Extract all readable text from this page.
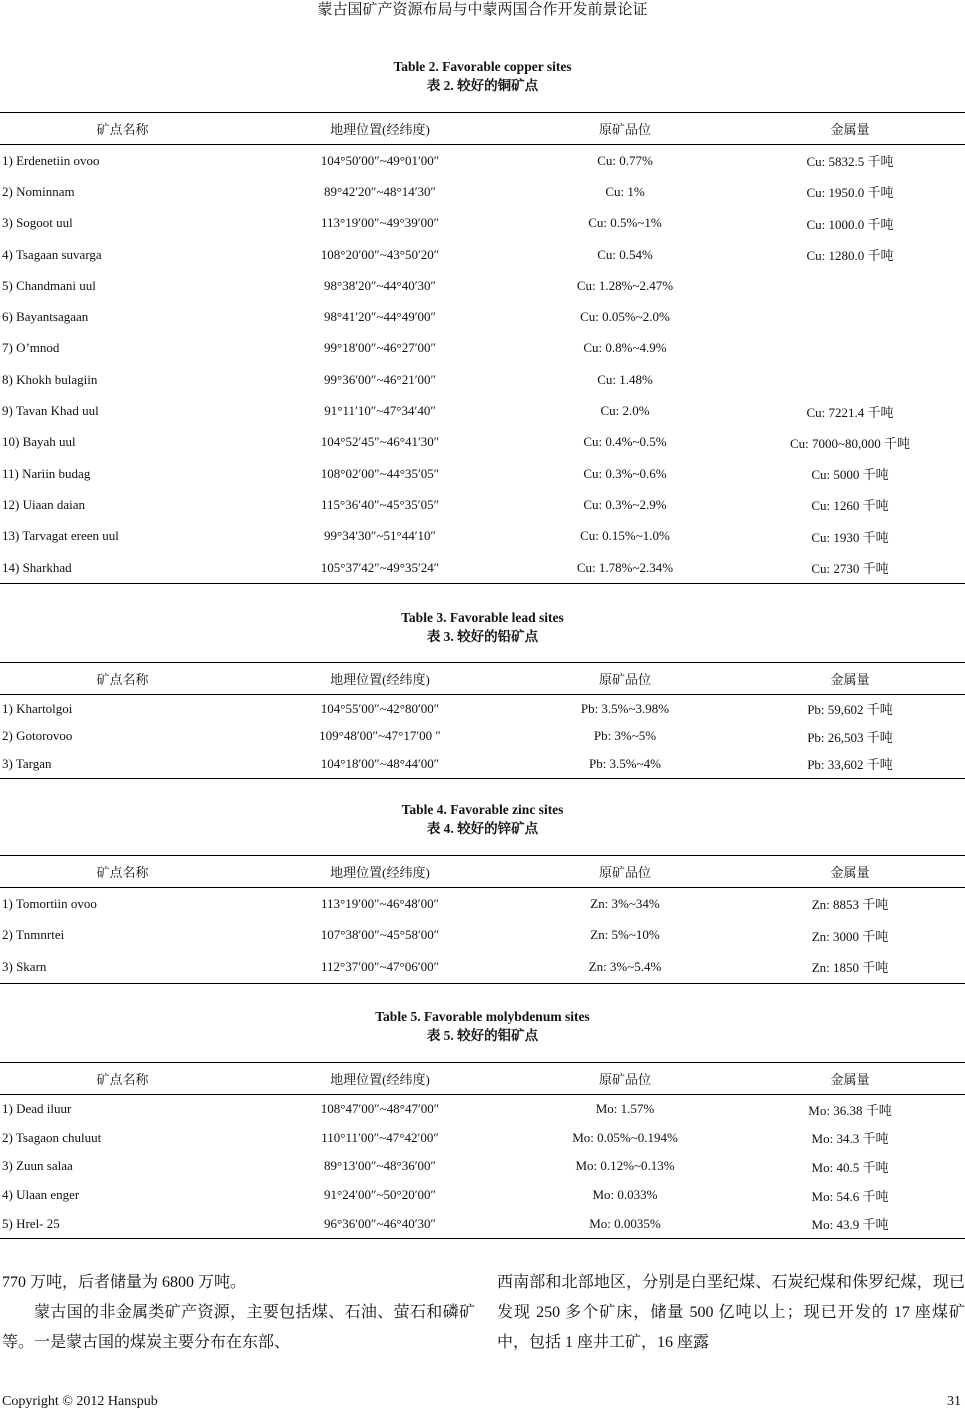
蒙古国矿产资源布局与中蒙两国合作开发前景论证
Table 2. Favorable copper sites
表 2. 较好的铜矿点
矿点名称	地理位置(经纬度)	原矿品位	金属量
1) Erdenetiin ovoo	104°50′00″~49°01′00″	Cu: 0.77%	Cu: 5832.5 千吨
2) Nominnam	89°42′20″~48°14′30″	Cu: 1%	Cu: 1950.0 千吨
3) Sogoot uul	113°19′00″~49°39′00″	Cu: 0.5%~1%	Cu: 1000.0 千吨
4) Tsagaan suvarga	108°20′00″~43°50′20″	Cu: 0.54%	Cu: 1280.0 千吨
5) Chandmani uul	98°38′20″~44°40′30″	Cu: 1.28%~2.47%
6) Bayantsagaan	98°41′20″~44°49′00″	Cu: 0.05%~2.0%
7) O’mnod	99°18′00″~46°27′00″	Cu: 0.8%~4.9%
8) Khokh bulagiin	99°36′00″~46°21′00″	Cu: 1.48%
9) Tavan Khad uul	91°11′10″~47°34′40″	Cu: 2.0%	Cu: 7221.4 千吨
10) Bayah uul	104°52′45″~46°41′30″	Cu: 0.4%~0.5%	Cu: 7000~80,000 千吨
11) Nariin budag	108°02′00″~44°35′05″	Cu: 0.3%~0.6%	Cu: 5000 千吨
12) Uiaan daian	115°36′40″~45°35′05″	Cu: 0.3%~2.9%	Cu: 1260 千吨
13) Tarvagat ereen uul	99°34′30″~51°44′10″	Cu: 0.15%~1.0%	Cu: 1930 千吨
14) Sharkhad	105°37′42″~49°35′24″	Cu: 1.78%~2.34%	Cu: 2730 千吨
Table 3. Favorable lead sites
表 3. 较好的铅矿点
矿点名称	地理位置(经纬度)	原矿品位	金属量
1) Khartolgoi	104°55′00″~42°80′00″	Pb: 3.5%~3.98%	Pb: 59,602 千吨
2) Gotorovoo	109°48′00″~47°17′00 ″	Pb: 3%~5%	Pb: 26,503 千吨
3) Targan	104°18′00″~48°44′00″	Pb: 3.5%~4%	Pb: 33,602 千吨
Table 4. Favorable zinc sites
表 4. 较好的锌矿点
矿点名称	地理位置(经纬度)	原矿品位	金属量
1) Tomortiin ovoo	113°19′00″~46°48′00″	Zn: 3%~34%	Zn: 8853 千吨
2) Tnmnrtei	107°38′00″~45°58′00″	Zn: 5%~10%	Zn: 3000 千吨
3) Skarn	112°37′00″~47°06′00″	Zn: 3%~5.4%	Zn: 1850 千吨
Table 5. Favorable molybdenum sites
表 5. 较好的钼矿点
矿点名称	地理位置(经纬度)	原矿品位	金属量
1) Dead iluur	108°47′00″~48°47′00″	Mo: 1.57%	Mo: 36.38 千吨
2) Tsagaon chuluut	110°11′00″~47°42′00″	Mo: 0.05%~0.194%	Mo: 34.3 千吨
3) Zuun salaa	89°13′00″~48°36′00″	Mo: 0.12%~0.13%	Mo: 40.5 千吨
4) Ulaan enger	91°24′00″~50°20′00″	Mo: 0.033%	Mo: 54.6 千吨
5) Hrel- 25	96°36′00″~46°40′30″	Mo: 0.0035%	Mo: 43.9 千吨
770 万吨，后者储量为 6800 万吨。
蒙古国的非金属类矿产资源，主要包括煤、石油、萤石和磷矿等。一是蒙古国的煤炭主要分布在东部、
西南部和北部地区，分别是白垩纪煤、石炭纪煤和侏罗纪煤，现已发现 250 多个矿床，储量 500 亿吨以上；现已开发的 17 座煤矿中，包括 1 座井工矿，16 座露
Copyright © 2012 Hanspub	31
